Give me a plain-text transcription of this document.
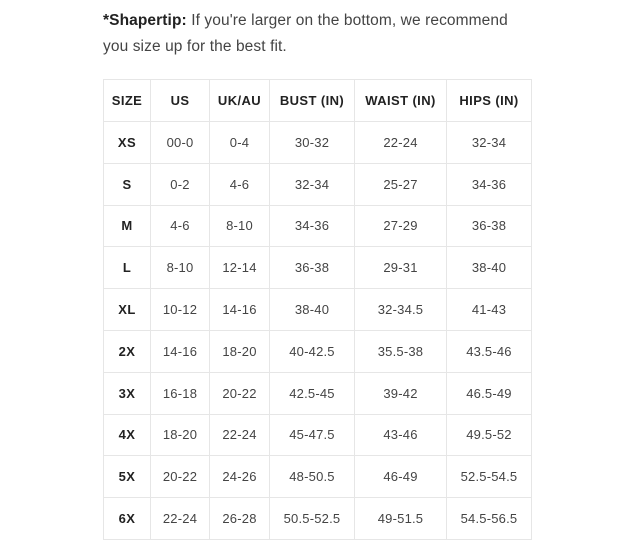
*Shapertip: If you're larger on the bottom, we recommend you size up for the best fit.

SIZE	US	UK/AU	BUST (IN)	WAIST (IN)	HIPS (IN)
XS	00-0	0-4	30-32	22-24	32-34
S	0-2	4-6	32-34	25-27	34-36
M	4-6	8-10	34-36	27-29	36-38
L	8-10	12-14	36-38	29-31	38-40
XL	10-12	14-16	38-40	32-34.5	41-43
2X	14-16	18-20	40-42.5	35.5-38	43.5-46
3X	16-18	20-22	42.5-45	39-42	46.5-49
4X	18-20	22-24	45-47.5	43-46	49.5-52
5X	20-22	24-26	48-50.5	46-49	52.5-54.5
6X	22-24	26-28	50.5-52.5	49-51.5	54.5-56.5
